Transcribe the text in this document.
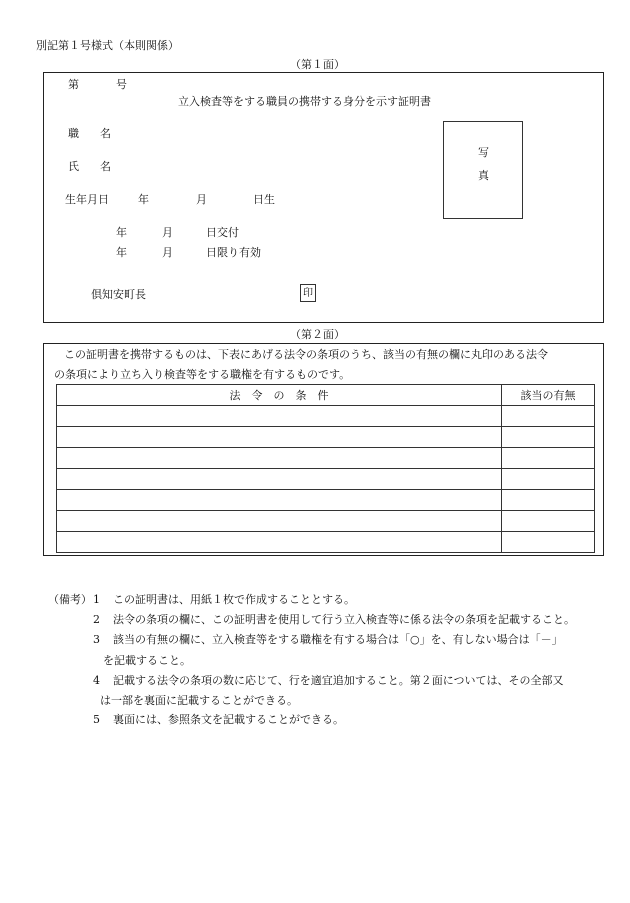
別記第１号様式（本則関係）
（第１面）
第	号
立入検査等をする職員の携帯する身分を示す証明書
職 名
氏 名
生年月日	年	月	日生
年	月	日交付
年	月	日限り有効
倶知安町長	印
写
真
（第２面）
この証明書を携帯するものは、下表にあげる法令の条項のうち、該当の有無の欄に丸印のある法令
の条項により立ち入り検査等をする職権を有するものです。
法　令　の　条　件	該当の有無

（備考） 1 この証明書は、用紙１枚で作成することとする。
2 法令の条項の欄に、この証明書を使用して行う立入検査等に係る法令の条項を記載すること。
3 該当の有無の欄に、立入検査等をする職権を有する場合は「○」を、有しない場合は「－」
を記載すること。
4 記載する法令の条項の数に応じて、行を適宜追加すること。第２面については、その全部又
は一部を裏面に記載することができる。
5 裏面には、参照条文を記載することができる。
